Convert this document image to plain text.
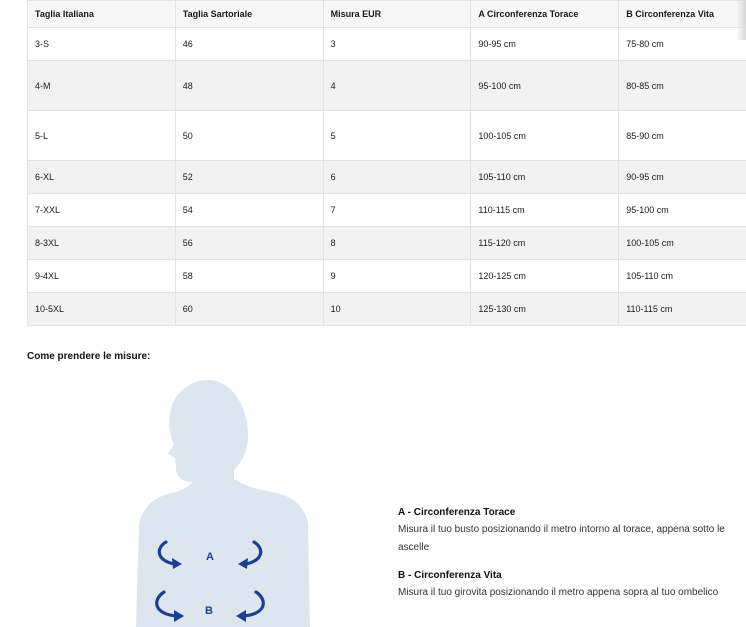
Taglia Italiana	Taglia Sartoriale	Misura EUR	A Circonferenza Torace	B Circonferenza Vita
3-S	46	3	90-95 cm	75-80 cm
4-M	48	4	95-100 cm	80-85 cm
5-L	50	5	100-105 cm	85-90 cm
6-XL	52	6	105-110 cm	90-95 cm
7-XXL	54	7	110-115 cm	95-100 cm
8-3XL	56	8	115-120 cm	100-105 cm
9-4XL	58	9	120-125 cm	105-110 cm
10-5XL	60	10	125-130 cm	110-115 cm
Come prendere le misure:
A
B
A - Circonferenza Torace

Misura il tuo busto posizionando il metro intorno al torace, appena sotto le ascelle

B - Circonferenza Vita

Misura il tuo girovita posizionando il metro appena sopra al tuo ombelico
